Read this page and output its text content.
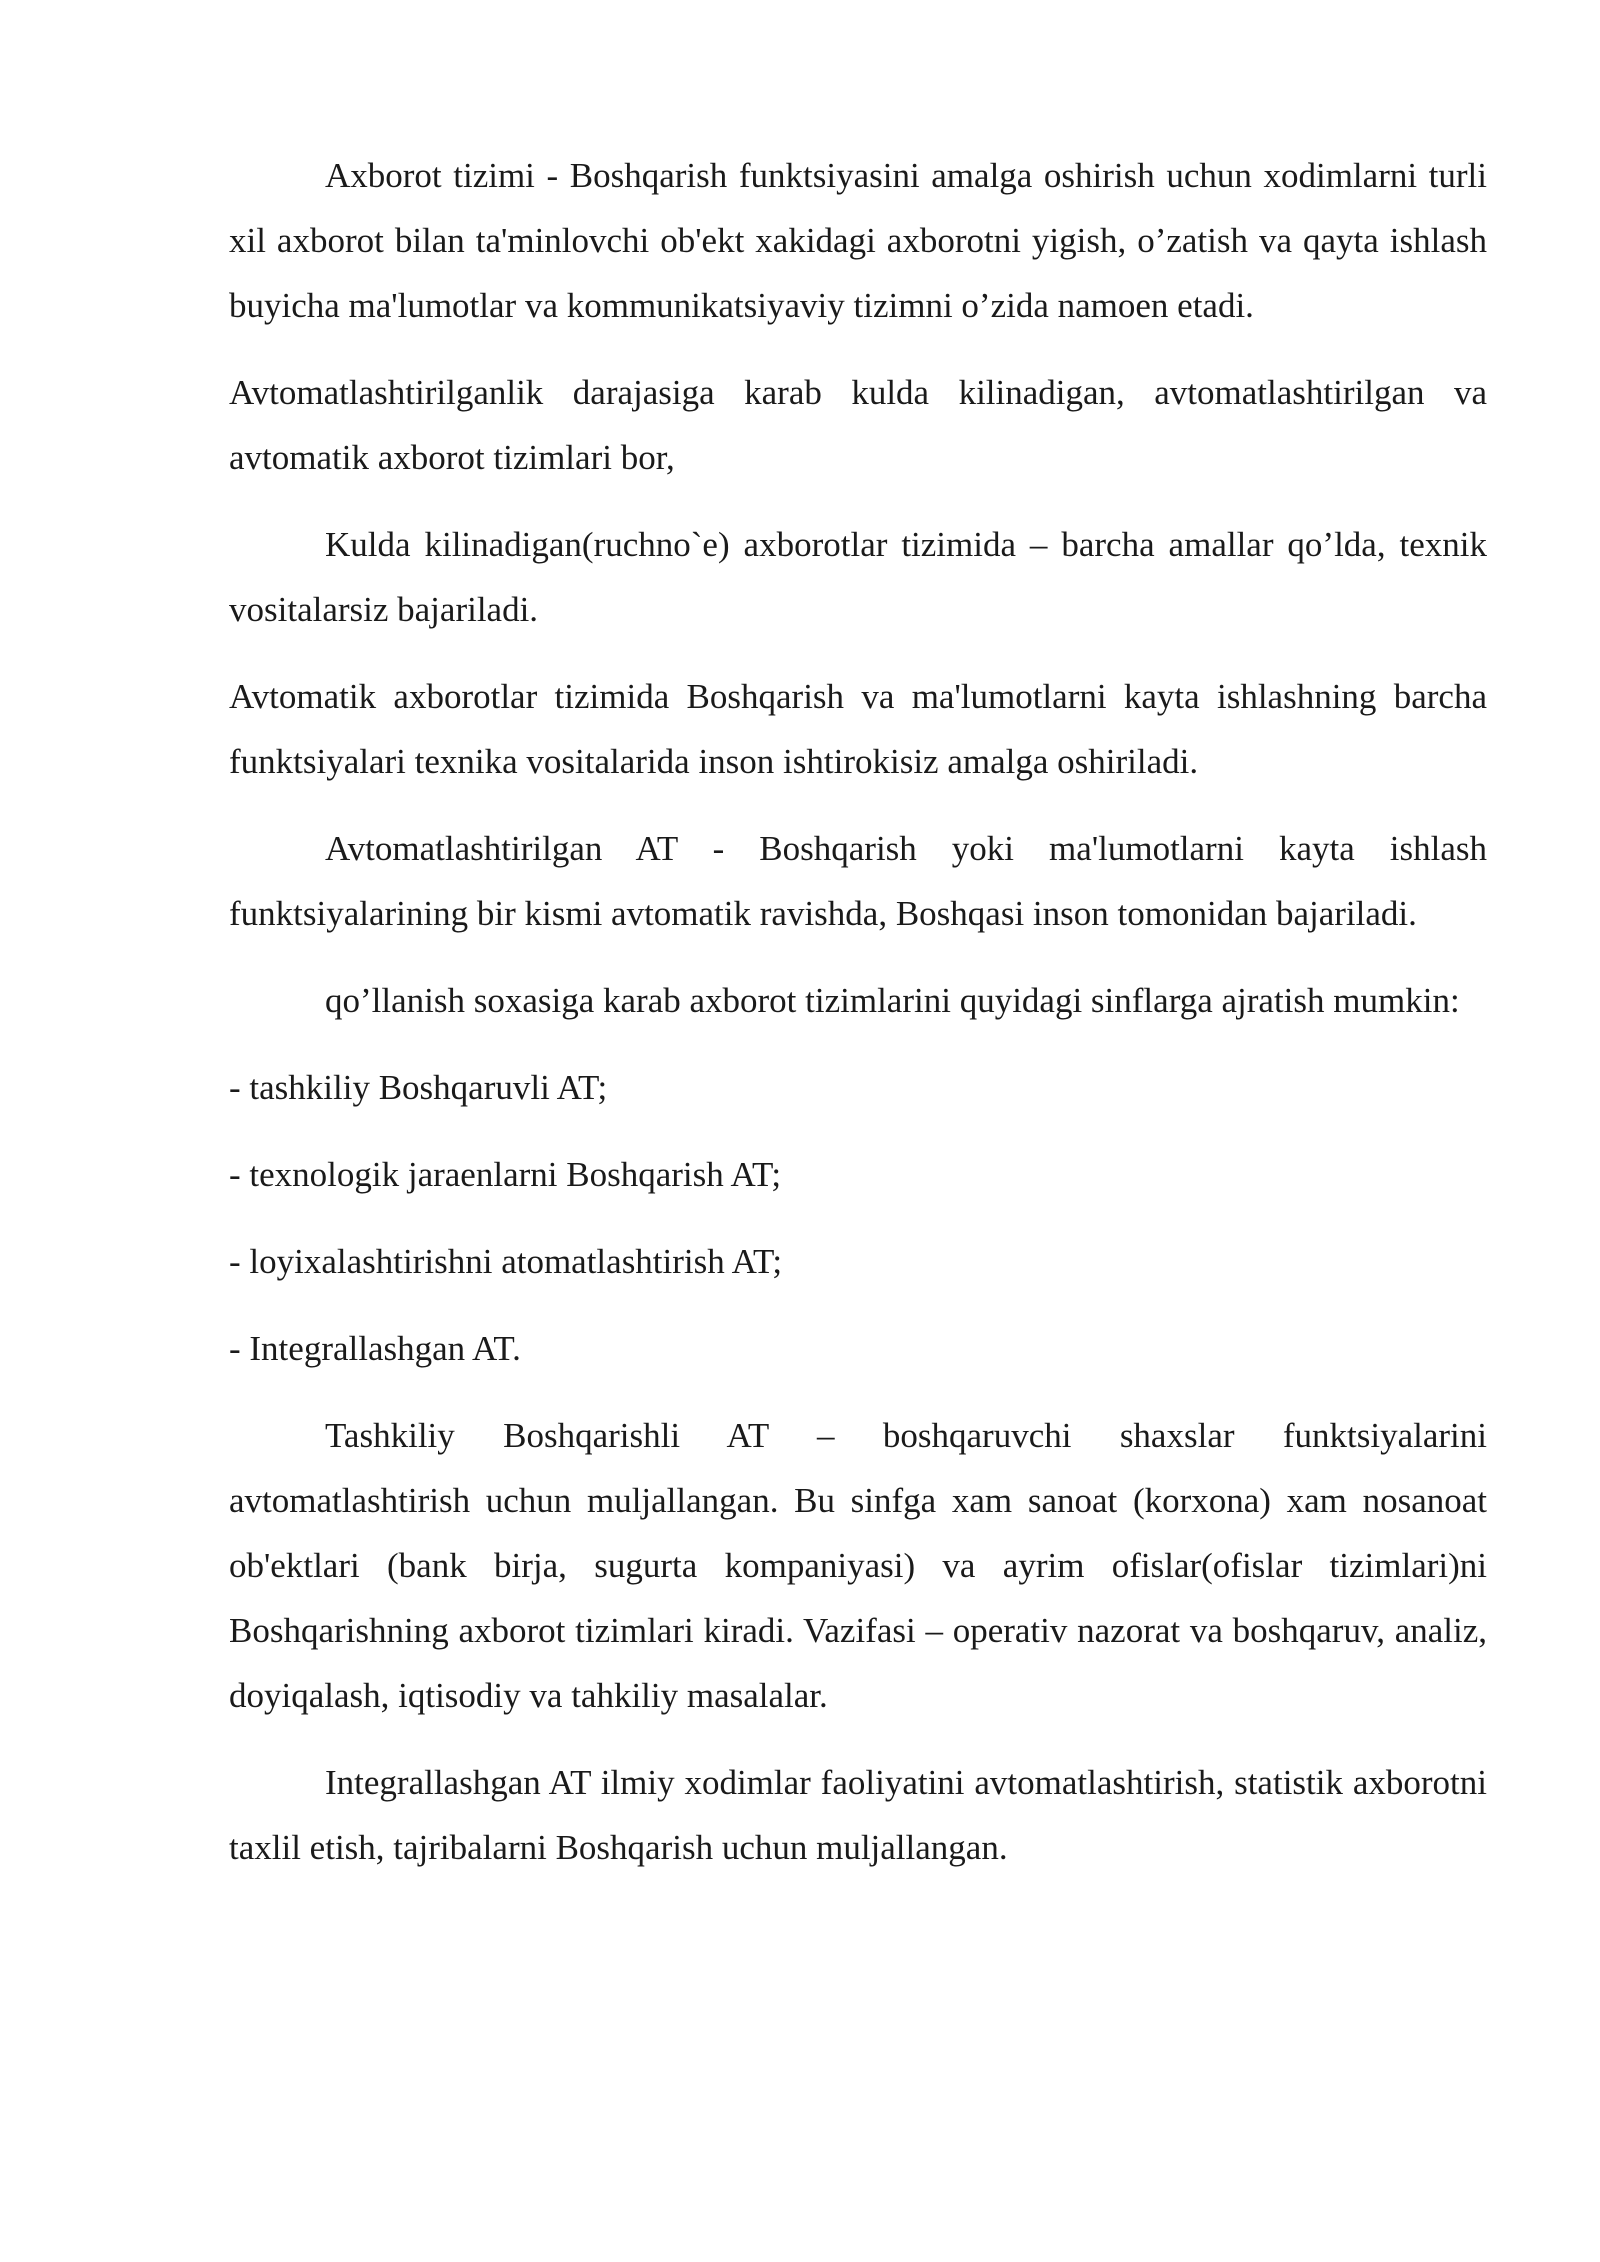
Axborot tizimi - Boshqarish funktsiyasini amalga oshirish uchun xodimlarni turli xil axborot bilan ta'minlovchi ob'ekt xakidagi axborotni yigish, o’zatish va qayta ishlash buyicha ma'lumotlar va kommunikatsiyaviy tizimni o’zida namoen etadi.

Avtomatlashtirilganlik darajasiga karab kulda kilinadigan, avtomatlashtirilgan va avtomatik axborot tizimlari bor,

Kulda kilinadigan(ruchno`e) axborotlar tizimida – barcha amallar qo’lda, texnik vositalarsiz bajariladi.

Avtomatik axborotlar tizimida Boshqarish va ma'lumotlarni kayta ishlashning barcha funktsiyalari texnika vositalarida inson ishtirokisiz amalga oshiriladi.

Avtomatlashtirilgan AT - Boshqarish yoki ma'lumotlarni kayta ishlash funktsiyalarining bir kismi avtomatik ravishda, Boshqasi inson tomonidan bajariladi.

qo’llanish soxasiga karab axborot tizimlarini quyidagi sinflarga ajratish mumkin:

- tashkiliy Boshqaruvli AT;

- texnologik jaraenlarni Boshqarish AT;

- loyixalashtirishni atomatlashtirish AT;

- Integrallashgan AT.

Tashkiliy Boshqarishli AT – boshqaruvchi shaxslar funktsiyalarini avtomatlashtirish uchun muljallangan. Bu sinfga xam sanoat (korxona) xam nosanoat ob'ektlari (bank birja, sugurta kompaniyasi) va ayrim ofislar(ofislar tizimlari)ni Boshqarishning axborot tizimlari kiradi. Vazifasi – operativ nazorat va boshqaruv, analiz, doyiqalash, iqtisodiy va tahkiliy masalalar.

Integrallashgan AT ilmiy xodimlar faoliyatini avtomatlashtirish, statistik axborotni taxlil etish, tajribalarni Boshqarish uchun muljallangan.
